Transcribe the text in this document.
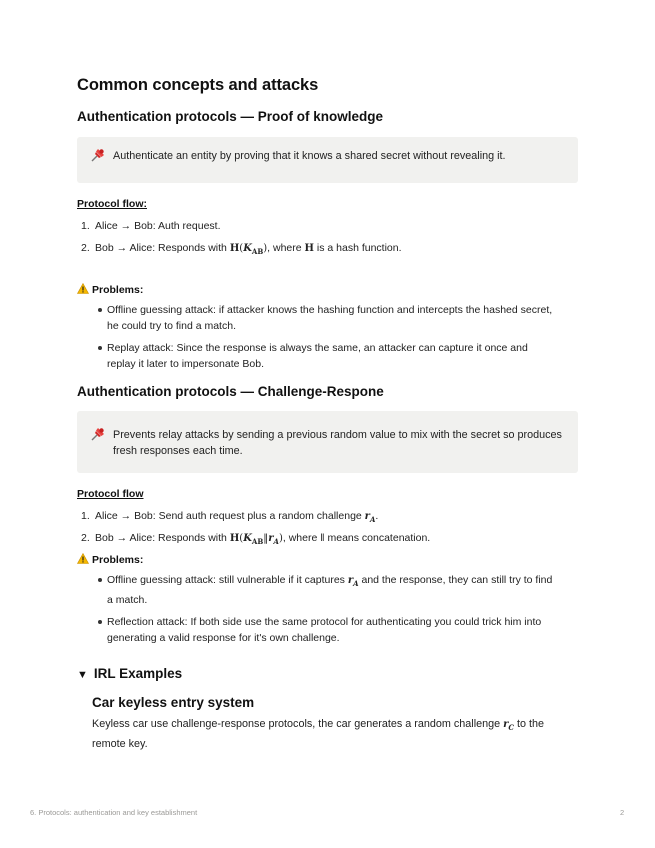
Common concepts and attacks
Authentication protocols — Proof of knowledge
Authenticate an entity by proving that it knows a shared secret without revealing it.
Protocol flow:
1. Alice → Bob: Auth request.
2. Bob → Alice: Responds with $H(K_{AB})$, where H is a hash function.
Problems:
Offline guessing attack: if attacker knows the hashing function and intercepts the hashed secret, he could try to find a match.
Replay attack: Since the response is always the same, an attacker can capture it once and replay it later to impersonate Bob.
Authentication protocols — Challenge-Respone
Prevents relay attacks by sending a previous random value to mix with the secret so produces fresh responses each time.
Protocol flow
1. Alice → Bob: Send auth request plus a random challenge $r_A$.
2. Bob → Alice: Responds with $H(K_{AB}‖r_A)$, where ‖ means concatenation.
Problems:
Offline guessing attack: still vulnerable if it captures $r_A$ and the response, they can still try to find a match.
Reflection attack: If both side use the same protocol for authenticating you could trick him into generating a valid response for it's own challenge.
▼ IRL Examples
Car keyless entry system
Keyless car use challenge-response protocols, the car generates a random challenge $r_C$ to the remote key.
6. Protocols: authentication and key establishment	2
